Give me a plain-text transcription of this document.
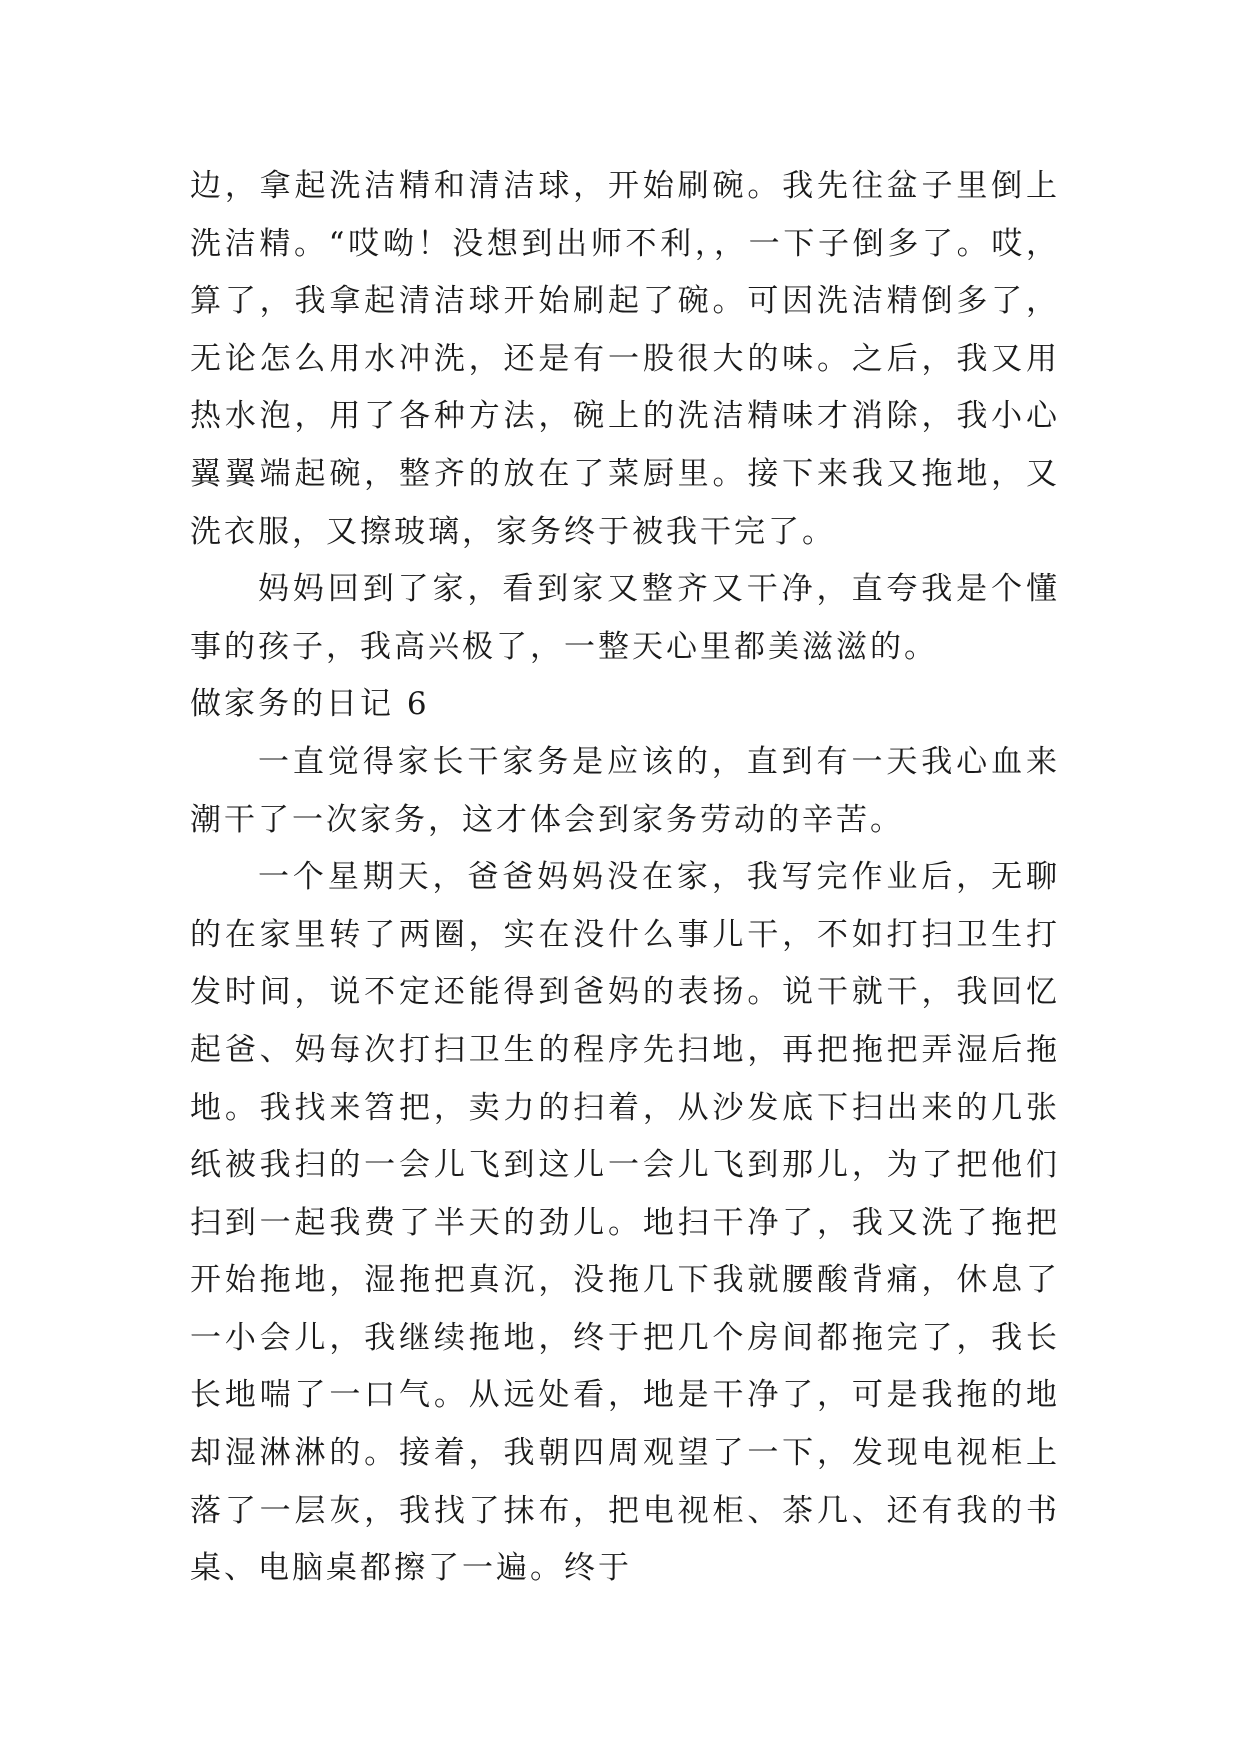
边，拿起洗洁精和清洁球，开始刷碗。我先往盆子里倒上洗洁精。“哎呦！没想到出师不利，，一下子倒多了。哎，算了，我拿起清洁球开始刷起了碗。可因洗洁精倒多了，无论怎么用水冲洗，还是有一股很大的味。之后，我又用热水泡，用了各种方法，碗上的洗洁精味才消除，我小心翼翼端起碗，整齐的放在了菜厨里。接下来我又拖地，又洗衣服，又擦玻璃，家务终于被我干完了。

妈妈回到了家，看到家又整齐又干净，直夸我是个懂事的孩子，我高兴极了，一整天心里都美滋滋的。

做家务的日记 6

一直觉得家长干家务是应该的，直到有一天我心血来潮干了一次家务，这才体会到家务劳动的辛苦。

一个星期天，爸爸妈妈没在家，我写完作业后，无聊的在家里转了两圈，实在没什么事儿干，不如打扫卫生打发时间，说不定还能得到爸妈的表扬。说干就干，我回忆起爸、妈每次打扫卫生的程序先扫地，再把拖把弄湿后拖地。我找来笤把，卖力的扫着，从沙发底下扫出来的几张纸被我扫的一会儿飞到这儿一会儿飞到那儿，为了把他们扫到一起我费了半天的劲儿。地扫干净了，我又洗了拖把开始拖地，湿拖把真沉，没拖几下我就腰酸背痛，休息了一小会儿，我继续拖地，终于把几个房间都拖完了，我长长地喘了一口气。从远处看，地是干净了，可是我拖的地却湿淋淋的。接着，我朝四周观望了一下，发现电视柜上落了一层灰，我找了抹布，把电视柜、茶几、还有我的书桌、电脑桌都擦了一遍。终于
